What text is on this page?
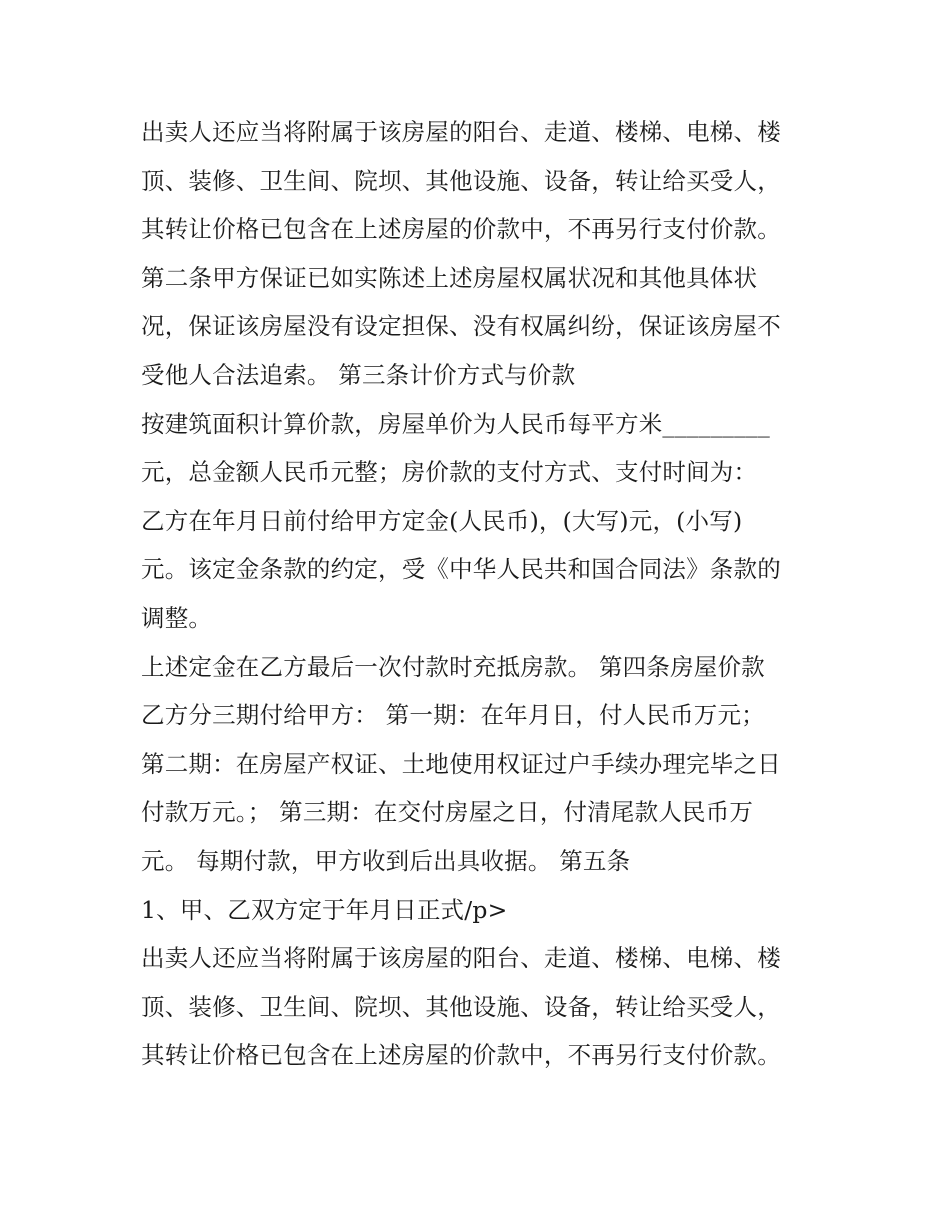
出卖人还应当将附属于该房屋的阳台、走道、楼梯、电梯、楼
顶、装修、卫生间、院坝、其他设施、设备，转让给买受人，
其转让价格已包含在上述房屋的价款中，不再另行支付价款。
第二条甲方保证已如实陈述上述房屋权属状况和其他具体状
况，保证该房屋没有设定担保、没有权属纠纷，保证该房屋不
受他人合法追索。 第三条计价方式与价款
按建筑面积计算价款，房屋单价为人民币每平方米_________
元，总金额人民币元整；房价款的支付方式、支付时间为：
乙方在年月日前付给甲方定金(人民币)，(大写)元，(小写)
元。该定金条款的约定，受《中华人民共和国合同法》条款的
调整。
上述定金在乙方最后一次付款时充抵房款。 第四条房屋价款
乙方分三期付给甲方： 第一期：在年月日，付人民币万元；
第二期：在房屋产权证、土地使用权证过户手续办理完毕之日
付款万元。； 第三期：在交付房屋之日，付清尾款人民币万
元。 每期付款，甲方收到后出具收据。 第五条
1、甲、乙双方定于年月日正式/p>
出卖人还应当将附属于该房屋的阳台、走道、楼梯、电梯、楼
顶、装修、卫生间、院坝、其他设施、设备，转让给买受人，
其转让价格已包含在上述房屋的价款中，不再另行支付价款。
